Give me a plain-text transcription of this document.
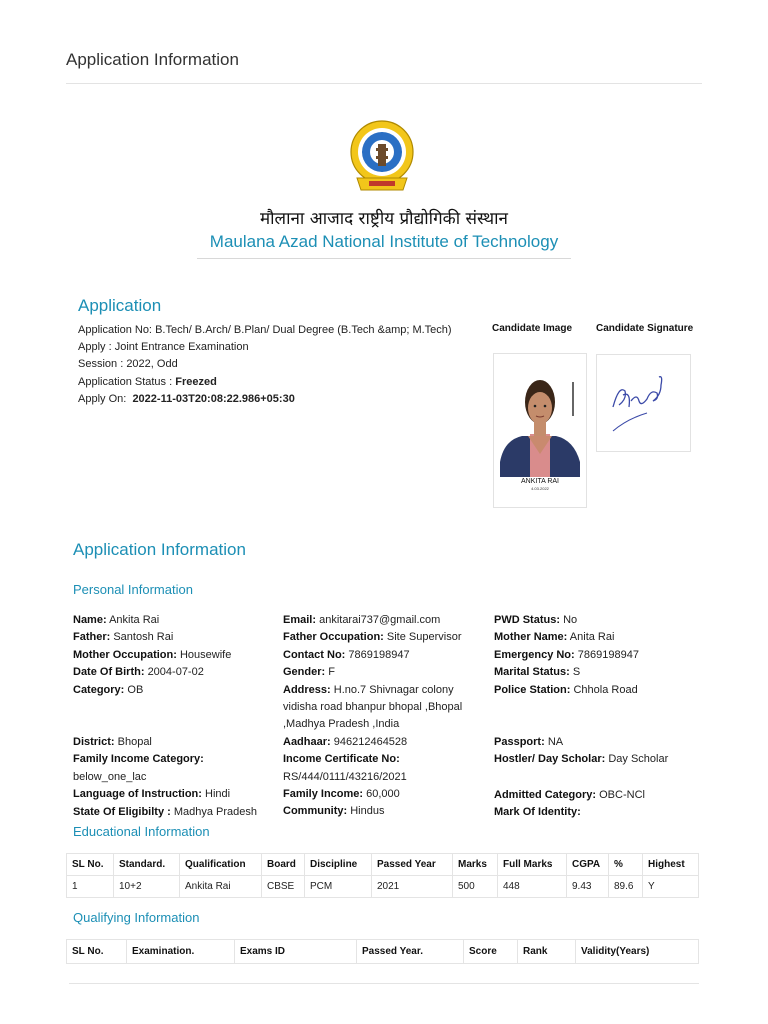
Application Information
मौलाना आजाद राष्ट्रीय प्रौद्योगिकी संस्थान
Maulana Azad National Institute of Technology
Application
Application No: B.Tech/ B.Arch/ B.Plan/ Dual Degree (B.Tech &amp; M.Tech)
Apply : Joint Entrance Examination
Session : 2022, Odd
Application Status : Freezed
Apply On: 2022-11-03T20:08:22.986+05:30
Candidate Image Candidate Signature
ANKITA RAI
4.03.2022
Application Information
Personal Information
Name: Ankita Rai
Father: Santosh Rai
Mother Occupation: Housewife
Date Of Birth: 2004-07-02
Category: OB
District: Bhopal
Family Income Category:
below_one_lac
Language of Instruction: Hindi
State Of Eligibilty : Madhya Pradesh
Email: ankitarai737@gmail.com
Father Occupation: Site Supervisor
Contact No: 7869198947
Gender: F
Address: H.no.7 Shivnagar colony vidisha road bhanpur bhopal ,Bhopal ,Madhya Pradesh ,India
Aadhaar: 946212464528
Income Certificate No:
RS/444/0111/43216/2021
Family Income: 60,000
Community: Hindus
PWD Status: No
Mother Name: Anita Rai
Emergency No: 7869198947
Marital Status: S
Police Station: Chhola Road
Passport: NA
Hostler/ Day Scholar: Day Scholar
Admitted Category: OBC-NCl
Mark Of Identity:
Educational Information
SL No.	Standard.	Qualification	Board	Discipline	Passed Year	Marks	Full Marks	CGPA	%	Highest
1	10+2	Ankita Rai	CBSE	PCM	2021	500	448	9.43	89.6	Y
Qualifying Information
SL No.	Examination.	Exams ID	Passed Year.	Score	Rank	Validity(Years)
